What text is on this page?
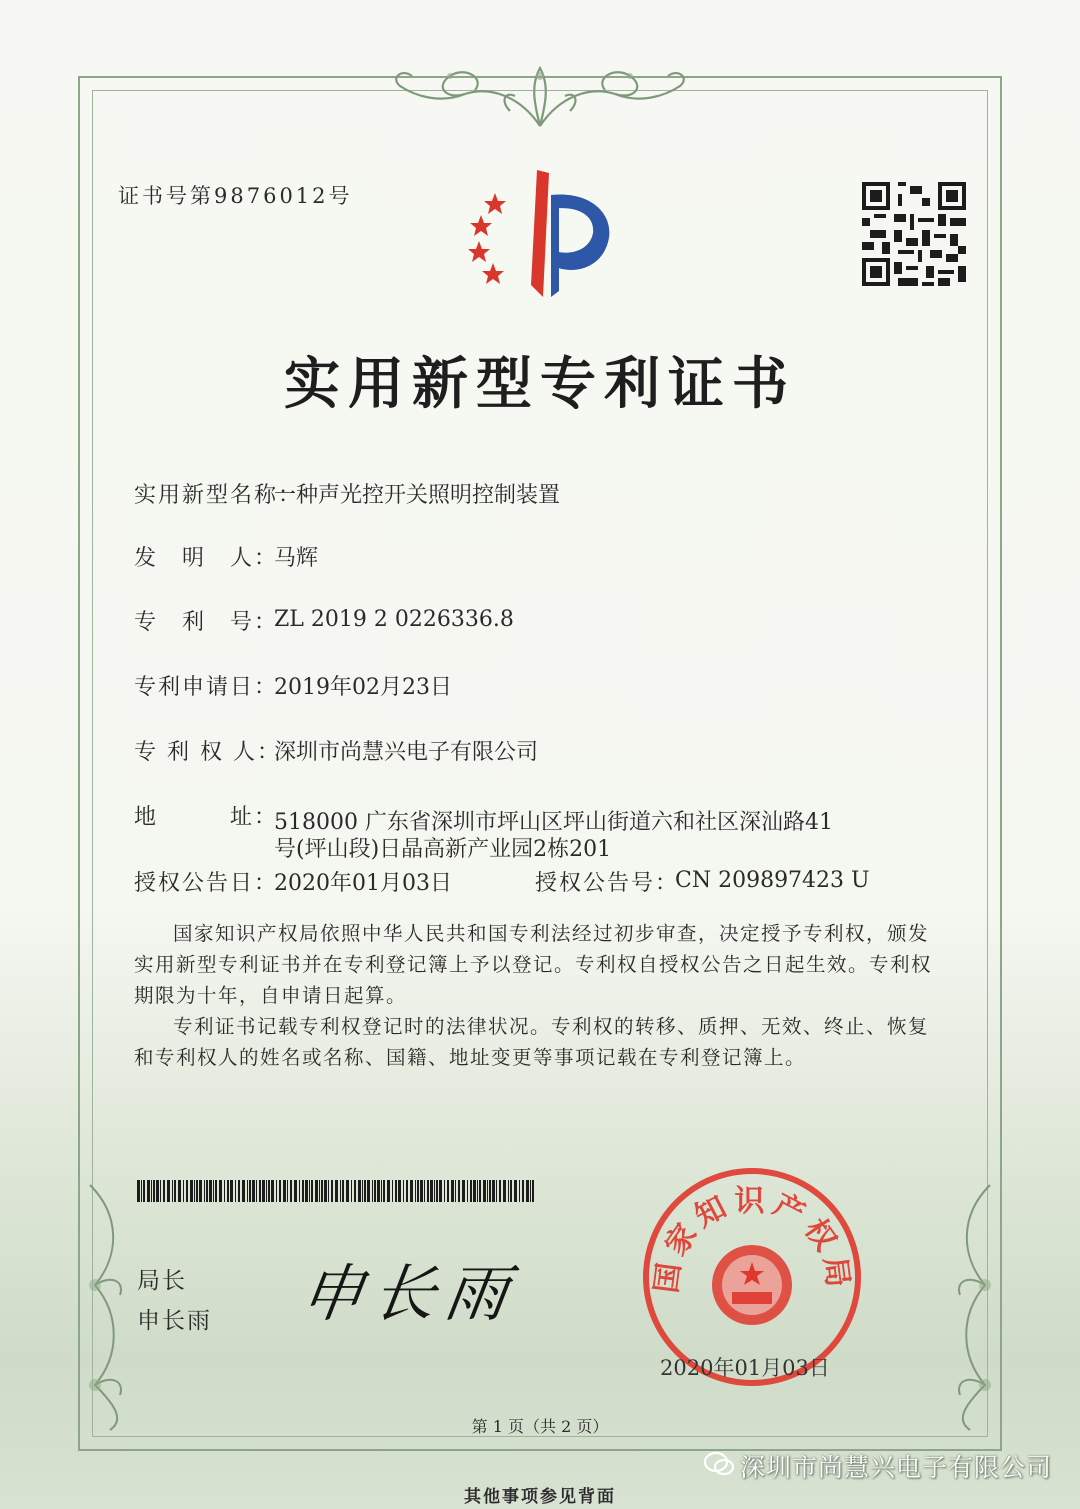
证书号第9876012号
实用新型专利证书
实用新型名称：
一种声光控开关照明控制装置
发　明　人：
马辉
专　利　号：
ZL 2019 2 0226336.8
专利申请日：
2019年02月23日
专 利 权 人：
深圳市尚慧兴电子有限公司
地　　　址：
518000 广东省深圳市坪山区坪山街道六和社区深汕路41
号(坪山段)日晶高新产业园2栋201
授权公告日：
2020年01月03日	授权公告号：
CN 209897423 U
国家知识产权局依照中华人民共和国专利法经过初步审查，决定授予专利权，颁发实用新型专利证书并在专利登记簿上予以登记。专利权自授权公告之日起生效。专利权期限为十年，自申请日起算。
专利证书记载专利权登记时的法律状况。专利权的转移、质押、无效、终止、恢复和专利权人的姓名或名称、国籍、地址变更等事项记载在专利登记簿上。
局长
申长雨 申长雨	国家知识产权局
2020年01月03日
第 1 页（共 2 页）
深圳市尚慧兴电子有限公司
其他事项参见背面
